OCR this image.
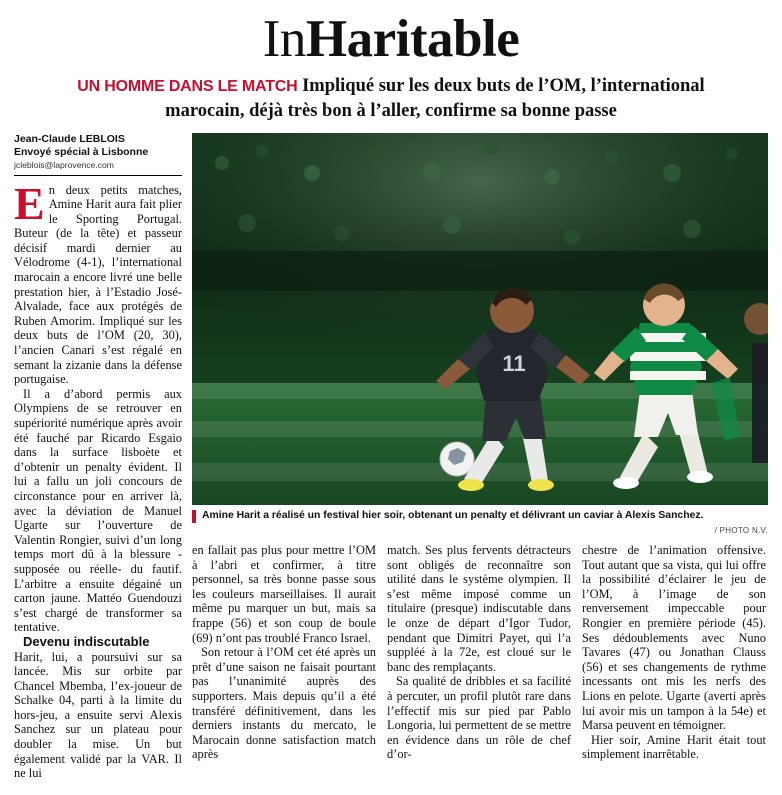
InHaritable
UN HOMME DANS LE MATCH Impliqué sur les deux buts de l’OM, l’international marocain, déjà très bon à l’aller, confirme sa bonne passe
Jean-Claude LEBLOIS
Envoyé spécial à Lisbonne
jcleblois@laprovence.com

En deux petits matches, Amine Harit aura fait plier le Sporting Portugal. Buteur (de la tête) et passeur décisif mardi dernier au Vélodrome (4-1), l’international marocain a encore livré une belle prestation hier, à l’Estadio José-Alvalade, face aux protégés de Ruben Amorim. Impliqué sur les deux buts de l’OM (20, 30), l’ancien Canari s’est régalé en semant la zizanie dans la défense portugaise.

Il a d’abord permis aux Olympiens de se retrouver en supériorité numérique après avoir été fauché par Ricardo Esgaio dans la surface lisboète et d’obtenir un penalty évident. Il lui a fallu un joli concours de circonstance pour en arriver là, avec la déviation de Manuel Ugarte sur l’ouverture de Valentin Rongier, suivi d’un long temps mort dû à la blessure -supposée ou réelle- du fautif. L’arbitre a ensuite dégainé un carton jaune. Mattéo Guendouzi s’est chargé de transformer sa tentative.

Devenu indiscutable

Harit, lui, a poursuivi sur sa lancée. Mis sur orbite par Chancel Mbemba, l’ex-joueur de Schalke 04, parti à la limite du hors-jeu, a ensuite servi Alexis Sanchez sur un plateau pour doubler la mise. Un but également validé par la VAR. Il ne lui

11
Amine Harit a réalisé un festival hier soir, obtenant un penalty et délivrant un caviar à Alexis Sanchez.
/ PHOTO N.V.

en fallait pas plus pour mettre l’OM à l’abri et confirmer, à titre personnel, sa très bonne passe sous les couleurs marseillaises. Il aurait même pu marquer un but, mais sa frappe (56) et son coup de boule (69) n’ont pas troublé Franco Israel.

Son retour à l’OM cet été après un prêt d’une saison ne faisait pourtant pas l’unanimité auprès des supporters. Mais depuis qu’il a été transféré définitivement, dans les derniers instants du mercato, le Marocain donne satisfaction match après

match. Ses plus fervents détracteurs sont obligés de reconnaître son utilité dans le système olympien. Il s’est même imposé comme un titulaire (presque) indiscutable dans le onze de départ d’Igor Tudor, pendant que Dimitri Payet, qui l’a suppléé à la 72e, est cloué sur le banc des remplaçants.

Sa qualité de dribbles et sa facilité à percuter, un profil plutôt rare dans l’effectif mis sur pied par Pablo Longoria, lui permettent de se mettre en évidence dans un rôle de chef d’or-

chestre de l’animation offensive. Tout autant que sa vista, qui lui offre la possibilité d’éclairer le jeu de l’OM, à l’image de son renversement impeccable pour Rongier en première période (45). Ses dédoublements avec Nuno Tavares (47) ou Jonathan Clauss (56) et ses changements de rythme incessants ont mis les nerfs des Lions en pelote. Ugarte (averti après lui avoir mis un tampon à la 54e) et Marsa peuvent en témoigner.

Hier soir, Amine Harit était tout simplement inarrêtable.
